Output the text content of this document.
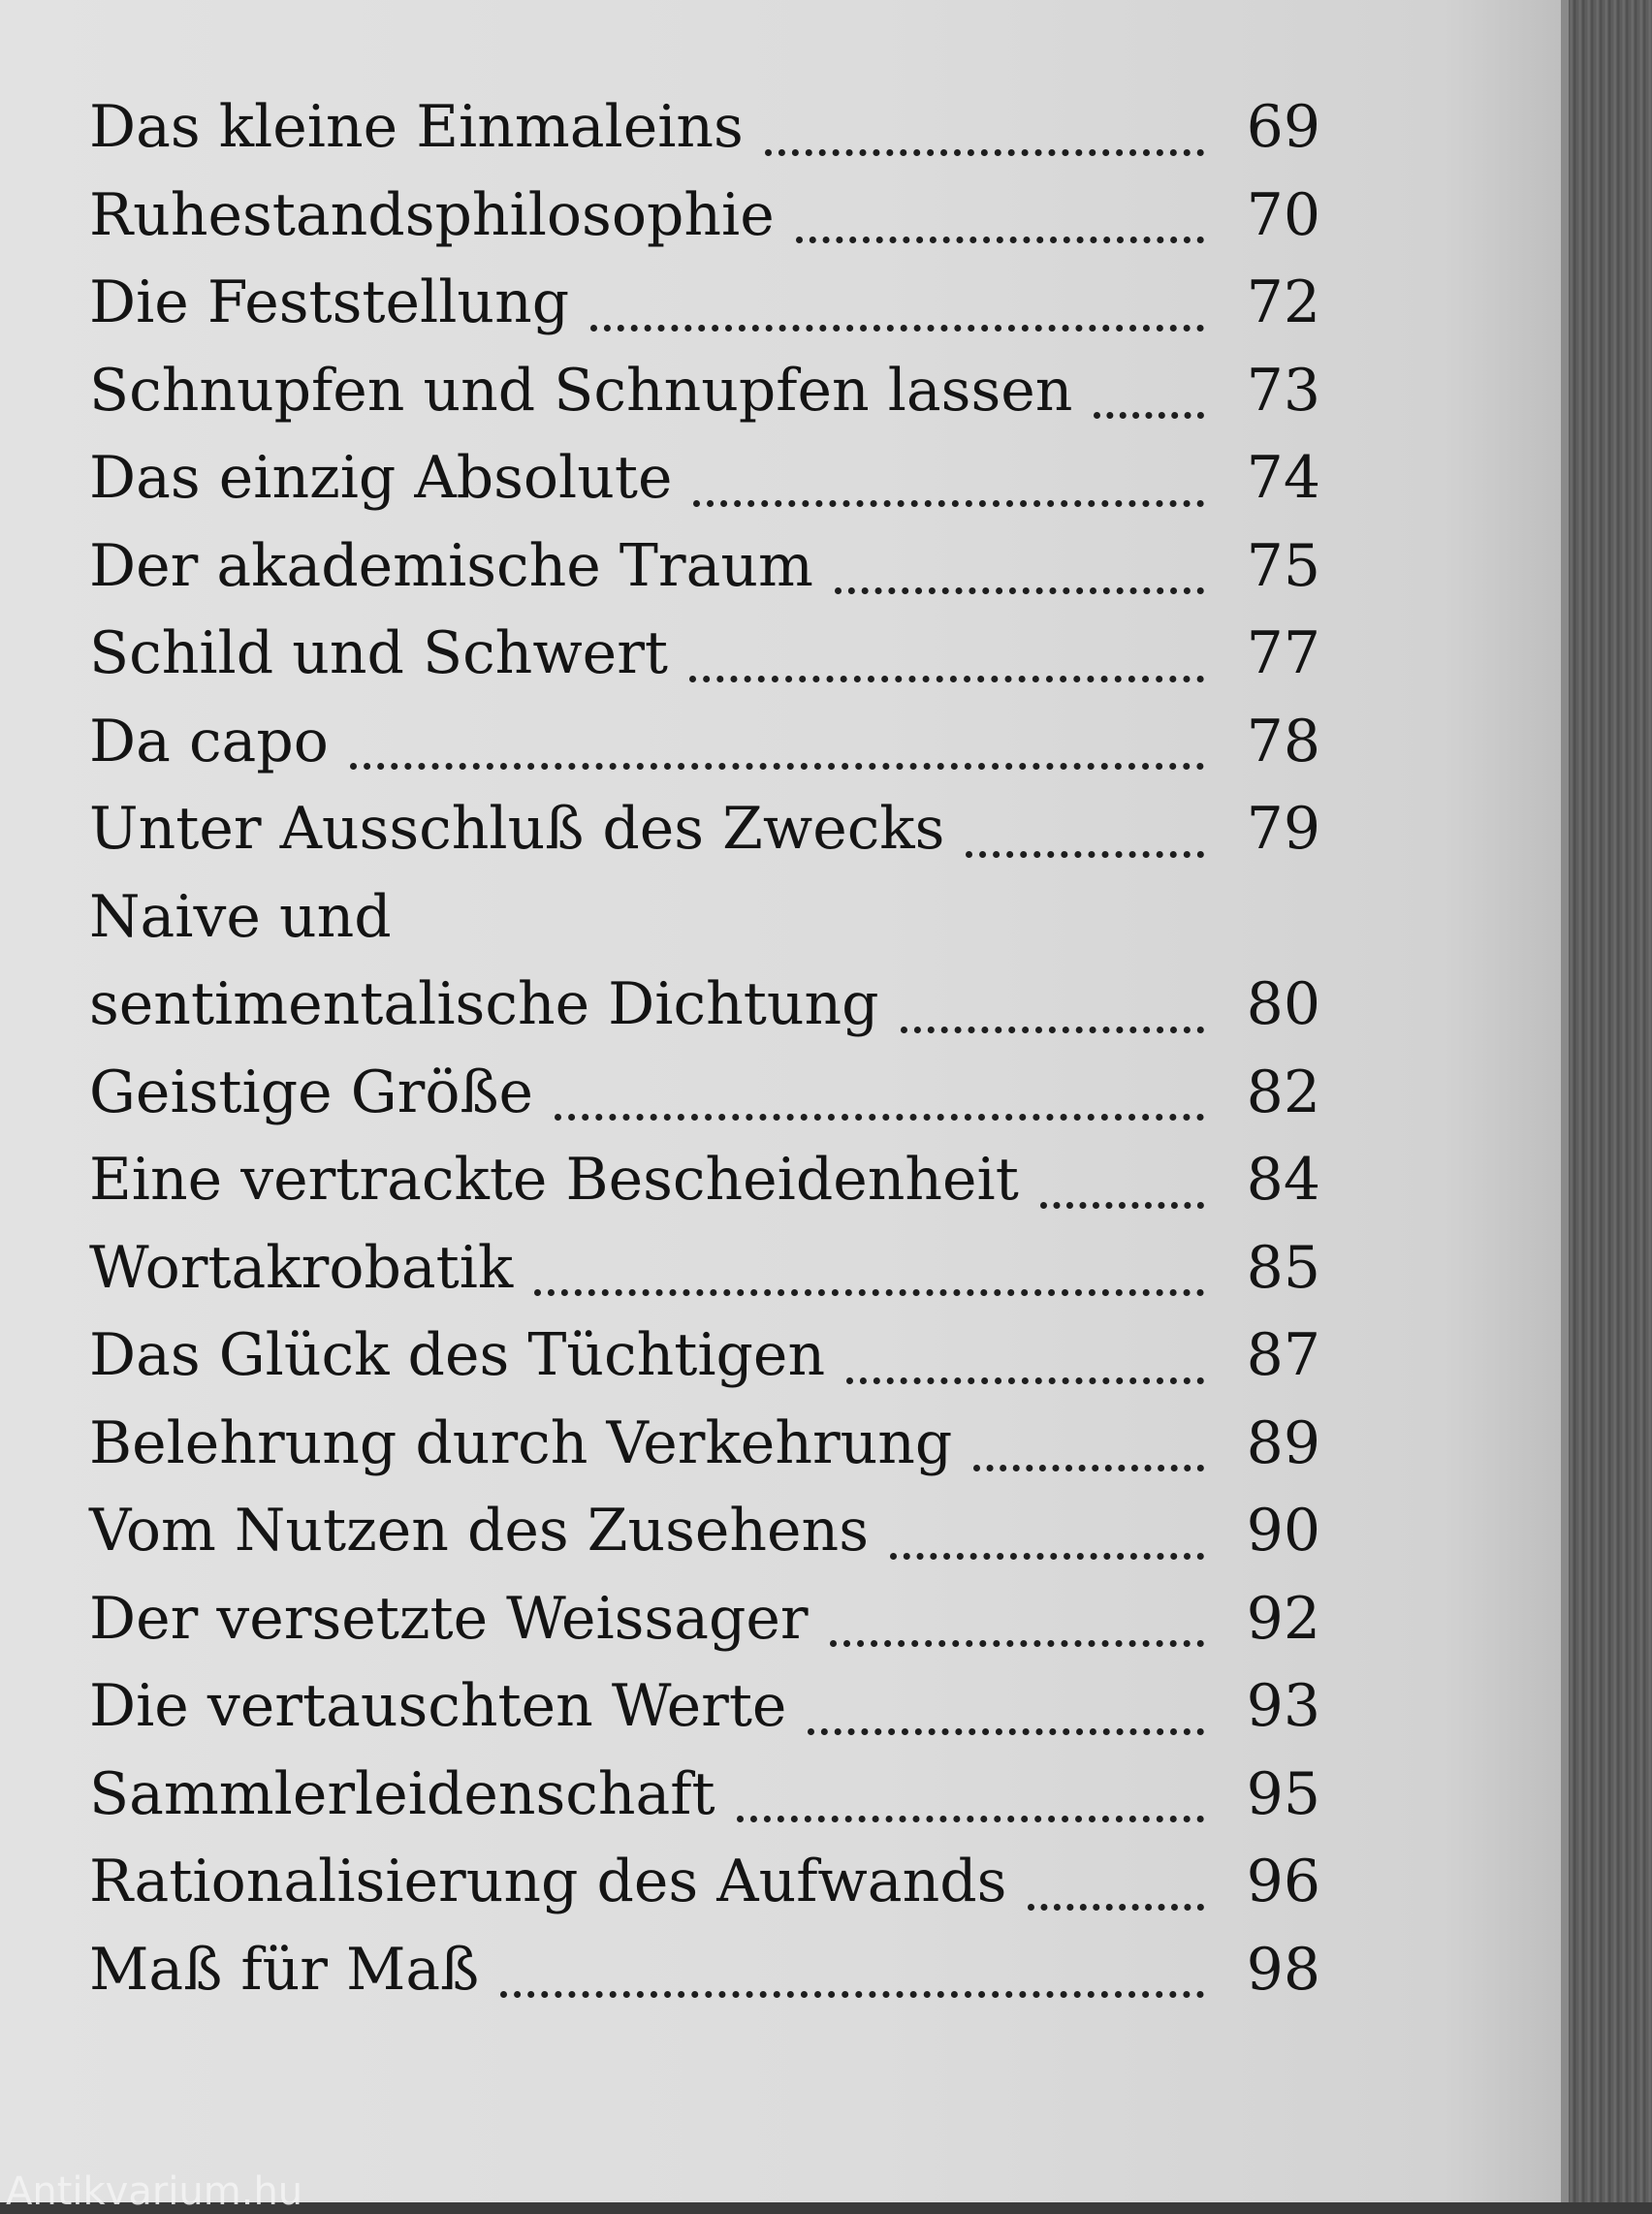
Das kleine Einmaleins	69
Ruhestandsphilosophie	70
Die Feststellung	72
Schnupfen und Schnupfen lassen	73
Das einzig Absolute	74
Der akademische Traum	75
Schild und Schwert	77
Da capo	78
Unter Ausschluß des Zwecks	79
Naive und
sentimentalische Dichtung	80
Geistige Größe	82
Eine vertrackte Bescheidenheit	84
Wortakrobatik	85
Das Glück des Tüchtigen	87
Belehrung durch Verkehrung	89
Vom Nutzen des Zusehens	90
Der versetzte Weissager	92
Die vertauschten Werte	93
Sammlerleidenschaft	95
Rationalisierung des Aufwands	96
Maß für Maß	98
Antikvarium.hu
